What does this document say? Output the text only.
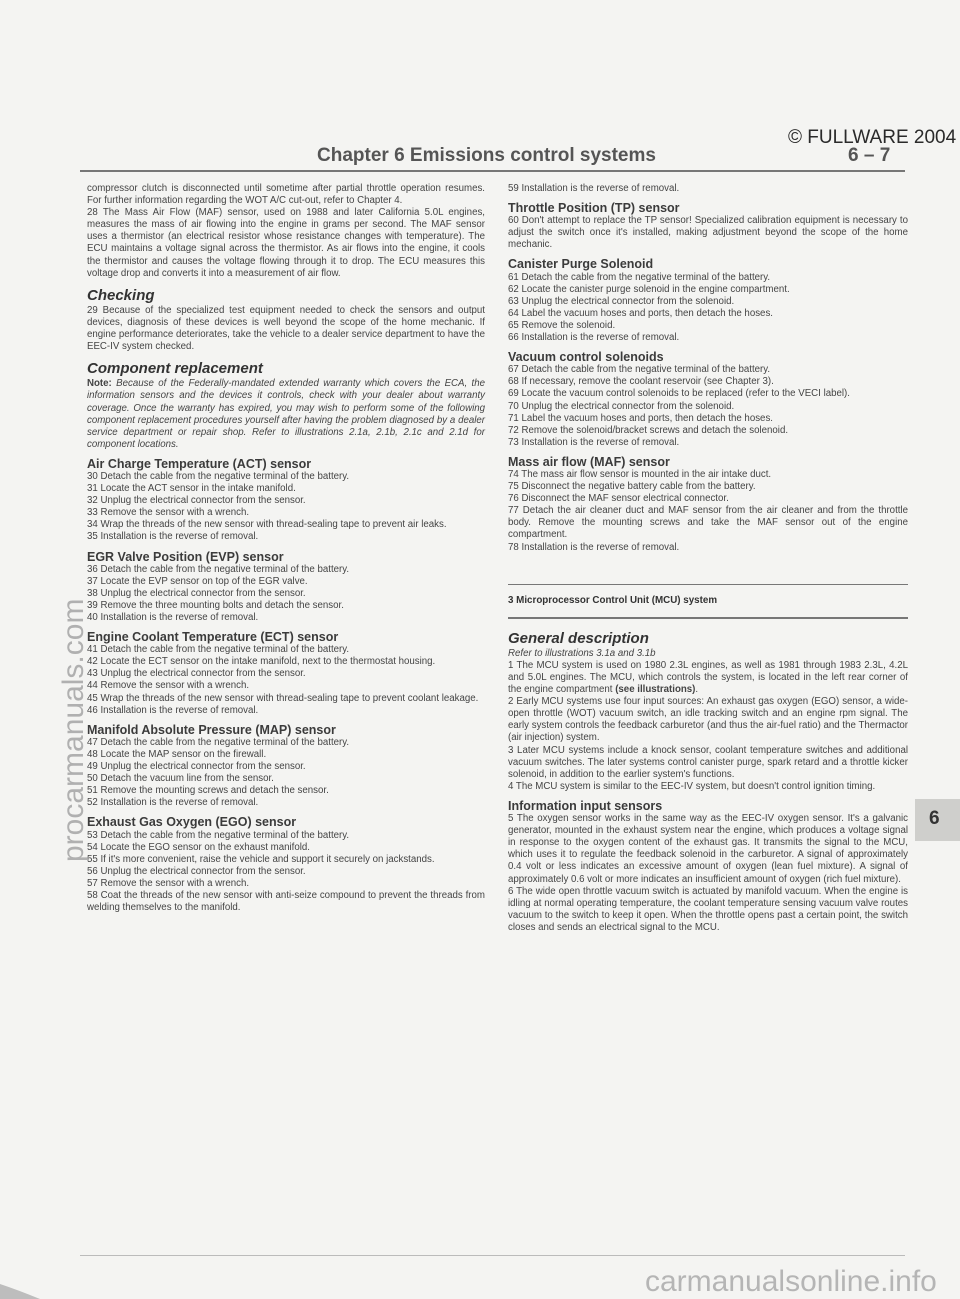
© FULLWARE 2004
Chapter 6 Emissions control systems	6 – 7

compressor clutch is disconnected until sometime after partial throttle operation resumes. For further information regarding the WOT A/C cut-out, refer to Chapter 4.

28 The Mass Air Flow (MAF) sensor, used on 1988 and later California 5.0L engines, measures the mass of air flowing into the engine in grams per second. The MAF sensor uses a thermistor (an electrical resistor whose resistance changes with temperature). The ECU maintains a voltage signal across the thermistor. As air flows into the engine, it cools the thermistor and causes the voltage flowing through it to drop. The ECU measures this voltage drop and converts it into a measurement of air flow.

Checking

29 Because of the specialized test equipment needed to check the sensors and output devices, diagnosis of these devices is well beyond the scope of the home mechanic. If engine performance deteriorates, take the vehicle to a dealer service department to have the EEC-IV system checked.

Component replacement

Note: Because of the Federally-mandated extended warranty which covers the ECA, the information sensors and the devices it controls, check with your dealer about warranty coverage. Once the warranty has expired, you may wish to perform some of the following component replacement procedures yourself after having the problem diagnosed by a dealer service department or repair shop. Refer to illustrations 2.1a, 2.1b, 2.1c and 2.1d for component locations.

Air Charge Temperature (ACT) sensor

30 Detach the cable from the negative terminal of the battery.

31 Locate the ACT sensor in the intake manifold.

32 Unplug the electrical connector from the sensor.

33 Remove the sensor with a wrench.

34 Wrap the threads of the new sensor with thread-sealing tape to prevent air leaks.

35 Installation is the reverse of removal.

EGR Valve Position (EVP) sensor

36 Detach the cable from the negative terminal of the battery.

37 Locate the EVP sensor on top of the EGR valve.

38 Unplug the electrical connector from the sensor.

39 Remove the three mounting bolts and detach the sensor.

40 Installation is the reverse of removal.

Engine Coolant Temperature (ECT) sensor

41 Detach the cable from the negative terminal of the battery.

42 Locate the ECT sensor on the intake manifold, next to the thermostat housing.

43 Unplug the electrical connector from the sensor.

44 Remove the sensor with a wrench.

45 Wrap the threads of the new sensor with thread-sealing tape to prevent coolant leakage.

46 Installation is the reverse of removal.

Manifold Absolute Pressure (MAP) sensor

47 Detach the cable from the negative terminal of the battery.

48 Locate the MAP sensor on the firewall.

49 Unplug the electrical connector from the sensor.

50 Detach the vacuum line from the sensor.

51 Remove the mounting screws and detach the sensor.

52 Installation is the reverse of removal.

Exhaust Gas Oxygen (EGO) sensor

53 Detach the cable from the negative terminal of the battery.

54 Locate the EGO sensor on the exhaust manifold.

55 If it's more convenient, raise the vehicle and support it securely on jackstands.

56 Unplug the electrical connector from the sensor.

57 Remove the sensor with a wrench.

58 Coat the threads of the new sensor with anti-seize compound to prevent the threads from welding themselves to the manifold.

59 Installation is the reverse of removal.

Throttle Position (TP) sensor

60 Don't attempt to replace the TP sensor! Specialized calibration equipment is necessary to adjust the switch once it's installed, making adjustment beyond the scope of the home mechanic.

Canister Purge Solenoid

61 Detach the cable from the negative terminal of the battery.

62 Locate the canister purge solenoid in the engine compartment.

63 Unplug the electrical connector from the solenoid.

64 Label the vacuum hoses and ports, then detach the hoses.

65 Remove the solenoid.

66 Installation is the reverse of removal.

Vacuum control solenoids

67 Detach the cable from the negative terminal of the battery.

68 If necessary, remove the coolant reservoir (see Chapter 3).

69 Locate the vacuum control solenoids to be replaced (refer to the VECI label).

70 Unplug the electrical connector from the solenoid.

71 Label the vacuum hoses and ports, then detach the hoses.

72 Remove the solenoid/bracket screws and detach the solenoid.

73 Installation is the reverse of removal.

Mass air flow (MAF) sensor

74 The mass air flow sensor is mounted in the air intake duct.

75 Disconnect the negative battery cable from the battery.

76 Disconnect the MAF sensor electrical connector.

77 Detach the air cleaner duct and MAF sensor from the air cleaner and from the throttle body. Remove the mounting screws and take the MAF sensor out of the engine compartment.

78 Installation is the reverse of removal.

3 Microprocessor Control Unit (MCU) system
General description

Refer to illustrations 3.1a and 3.1b

1 The MCU system is used on 1980 2.3L engines, as well as 1981 through 1983 2.3L, 4.2L and 5.0L engines. The MCU, which controls the system, is located in the left rear corner of the engine compartment (see illustrations).

2 Early MCU systems use four input sources: An exhaust gas oxygen (EGO) sensor, a wide-open throttle (WOT) vacuum switch, an idle tracking switch and an engine rpm signal. The early system controls the feedback carburetor (and thus the air-fuel ratio) and the Thermactor (air injection) system.

3 Later MCU systems include a knock sensor, coolant temperature switches and additional vacuum switches. The later systems control canister purge, spark retard and a throttle kicker solenoid, in addition to the earlier system's functions.

4 The MCU system is similar to the EEC-IV system, but doesn't control ignition timing.

Information input sensors

5 The oxygen sensor works in the same way as the EEC-IV oxygen sensor. It's a galvanic generator, mounted in the exhaust system near the engine, which produces a voltage signal in response to the oxygen content of the exhaust gas. It transmits the signal to the MCU, which uses it to regulate the feedback solenoid in the carburetor. A signal of approximately 0.4 volt or less indicates an excessive amount of oxygen (lean fuel mixture). A signal of approximately 0.6 volt or more indicates an insufficient amount of oxygen (rich fuel mixture).

6 The wide open throttle vacuum switch is actuated by manifold vacuum. When the engine is idling at normal operating temperature, the coolant temperature sensing vacuum valve routes vacuum to the switch to keep it open. When the throttle opens past a certain point, the switch closes and sends an electrical signal to the MCU.

6
procarmanuals.com
carmanualsonline.info
